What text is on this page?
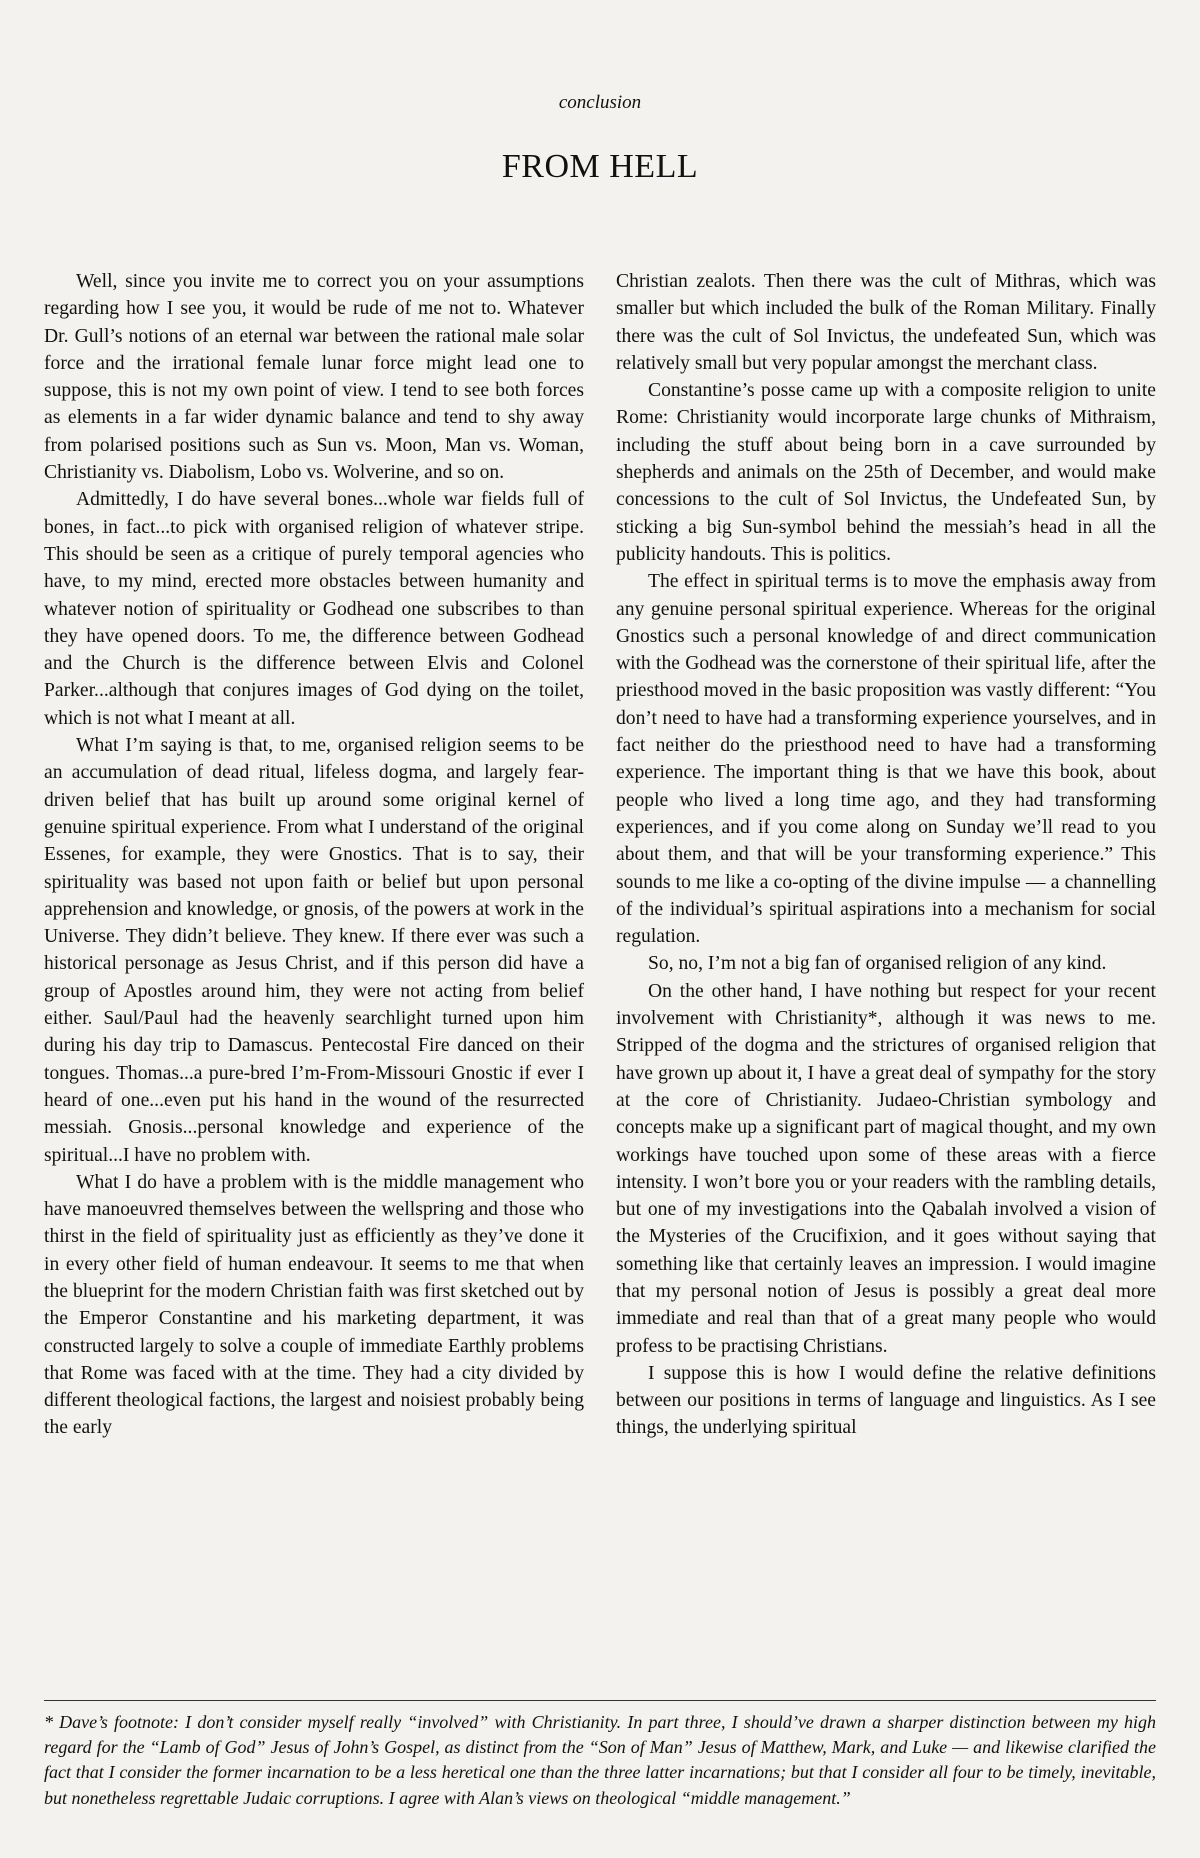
conclusion
FROM HELL

Well, since you invite me to correct you on your assumptions regarding how I see you, it would be rude of me not to. Whatever Dr. Gull’s notions of an eternal war between the rational male solar force and the irrational female lunar force might lead one to suppose, this is not my own point of view. I tend to see both forces as elements in a far wider dynamic balance and tend to shy away from polarised positions such as Sun vs. Moon, Man vs. Woman, Christianity vs. Diabolism, Lobo vs. Wolverine, and so on.

Admittedly, I do have several bones...whole war fields full of bones, in fact...to pick with organised religion of whatever stripe. This should be seen as a critique of purely temporal agencies who have, to my mind, erected more obstacles between humanity and whatever notion of spirituality or Godhead one subscribes to than they have opened doors. To me, the difference between Godhead and the Church is the difference between Elvis and Colonel Parker...although that conjures images of God dying on the toilet, which is not what I meant at all.

What I’m saying is that, to me, organised religion seems to be an accumulation of dead ritual, lifeless dogma, and largely fear-driven belief that has built up around some original kernel of genuine spiritual experience. From what I understand of the original Essenes, for example, they were Gnostics. That is to say, their spirituality was based not upon faith or belief but upon personal apprehension and knowledge, or gnosis, of the powers at work in the Universe. They didn’t believe. They knew. If there ever was such a historical personage as Jesus Christ, and if this person did have a group of Apostles around him, they were not acting from belief either. Saul/Paul had the heavenly searchlight turned upon him during his day trip to Damascus. Pentecostal Fire danced on their tongues. Thomas...a pure-bred I’m-From-Missouri Gnostic if ever I heard of one...even put his hand in the wound of the resurrected messiah. Gnosis...personal knowledge and experience of the spiritual...I have no problem with.

What I do have a problem with is the middle management who have manoeuvred themselves between the wellspring and those who thirst in the field of spirituality just as efficiently as they’ve done it in every other field of human endeavour. It seems to me that when the blueprint for the modern Christian faith was first sketched out by the Emperor Constantine and his marketing department, it was constructed largely to solve a couple of immediate Earthly problems that Rome was faced with at the time. They had a city divided by different theological factions, the largest and noisiest probably being the early

Christian zealots. Then there was the cult of Mithras, which was smaller but which included the bulk of the Roman Military. Finally there was the cult of Sol Invictus, the undefeated Sun, which was relatively small but very popular amongst the merchant class.

Constantine’s posse came up with a composite religion to unite Rome: Christianity would incorporate large chunks of Mithraism, including the stuff about being born in a cave surrounded by shepherds and animals on the 25th of December, and would make concessions to the cult of Sol Invictus, the Undefeated Sun, by sticking a big Sun-symbol behind the messiah’s head in all the publicity handouts. This is politics.

The effect in spiritual terms is to move the emphasis away from any genuine personal spiritual experience. Whereas for the original Gnostics such a personal knowledge of and direct communication with the Godhead was the cornerstone of their spiritual life, after the priesthood moved in the basic proposition was vastly different: “You don’t need to have had a transforming experience yourselves, and in fact neither do the priesthood need to have had a transforming experience. The important thing is that we have this book, about people who lived a long time ago, and they had transforming experiences, and if you come along on Sunday we’ll read to you about them, and that will be your transforming experience.” This sounds to me like a co-opting of the divine impulse — a channelling of the individual’s spiritual aspirations into a mechanism for social regulation.

So, no, I’m not a big fan of organised religion of any kind.

On the other hand, I have nothing but respect for your recent involvement with Christianity*, although it was news to me. Stripped of the dogma and the strictures of organised religion that have grown up about it, I have a great deal of sympathy for the story at the core of Christianity. Judaeo-Christian symbology and concepts make up a significant part of magical thought, and my own workings have touched upon some of these areas with a fierce intensity. I won’t bore you or your readers with the rambling details, but one of my investigations into the Qabalah involved a vision of the Mysteries of the Crucifixion, and it goes without saying that something like that certainly leaves an impression. I would imagine that my personal notion of Jesus is possibly a great deal more immediate and real than that of a great many people who would profess to be practising Christians.

I suppose this is how I would define the relative definitions between our positions in terms of language and linguistics. As I see things, the underlying spiritual

* Dave’s footnote: I don’t consider myself really “involved” with Christianity. In part three, I should’ve drawn a sharper distinction between my high regard for the “Lamb of God” Jesus of John’s Gospel, as distinct from the “Son of Man” Jesus of Matthew, Mark, and Luke — and likewise clarified the fact that I consider the former incarnation to be a less heretical one than the three latter incarnations; but that I consider all four to be timely, inevitable, but nonetheless regrettable Judaic corruptions. I agree with Alan’s views on theological “middle management.”
